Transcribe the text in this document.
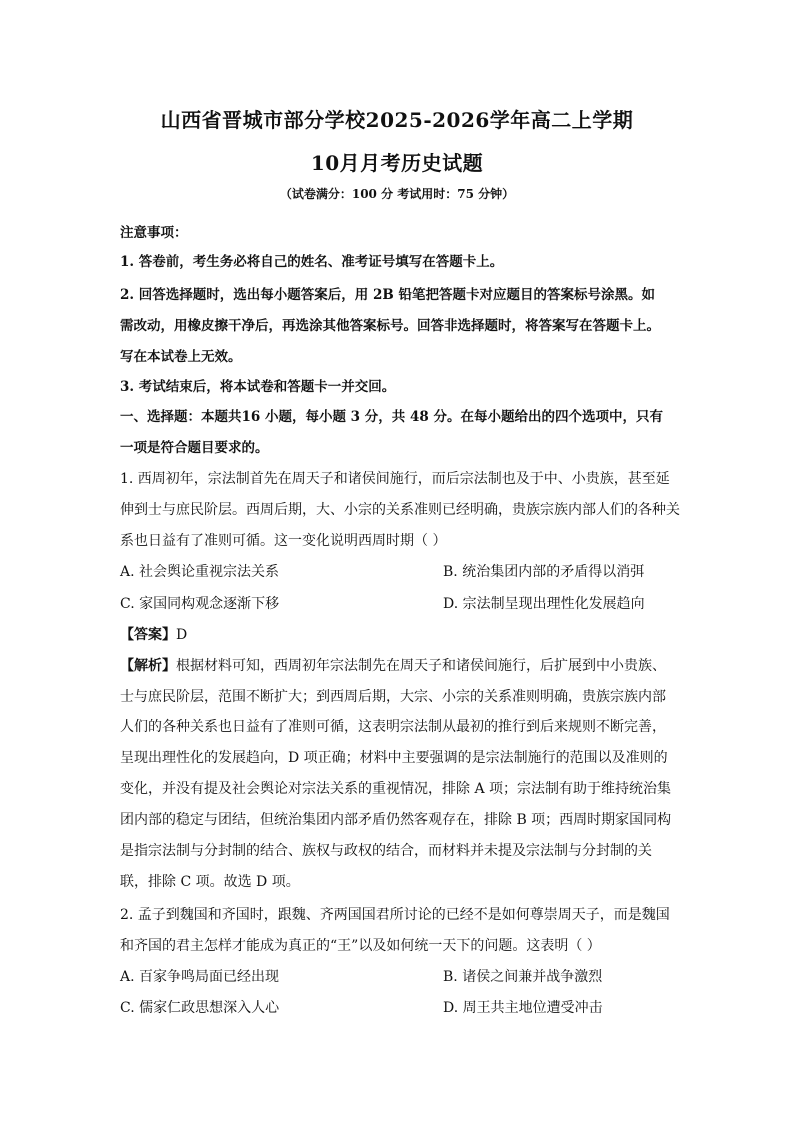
山西省晋城市部分学校2025-2026学年高二上学期
10月月考历史试题
（试卷满分：100 分 考试用时：75 分钟）
注意事项：
1. 答卷前，考生务必将自己的姓名、准考证号填写在答题卡上。
2. 回答选择题时，选出每小题答案后，用 2B 铅笔把答题卡对应题目的答案标号涂黑。如
需改动，用橡皮擦干净后，再选涂其他答案标号。回答非选择题时，将答案写在答题卡上。
写在本试卷上无效。
3. 考试结束后，将本试卷和答题卡一并交回。
一、选择题：本题共16 小题，每小题 3 分，共 48 分。在每小题给出的四个选项中，只有
一项是符合题目要求的。
1. 西周初年，宗法制首先在周天子和诸侯间施行，而后宗法制也及于中、小贵族，甚至延
伸到士与庶民阶层。西周后期，大、小宗的关系准则已经明确，贵族宗族内部人们的各种关
系也日益有了准则可循。这一变化说明西周时期（ ）
A. 社会舆论重视宗法关系	B. 统治集团内部的矛盾得以消弭
C. 家国同构观念逐渐下移	D. 宗法制呈现出理性化发展趋向
【答案】D
【解析】根据材料可知，西周初年宗法制先在周天子和诸侯间施行，后扩展到中小贵族、
士与庶民阶层，范围不断扩大；到西周后期，大宗、小宗的关系准则明确，贵族宗族内部
人们的各种关系也日益有了准则可循，这表明宗法制从最初的推行到后来规则不断完善，
呈现出理性化的发展趋向，D 项正确；材料中主要强调的是宗法制施行的范围以及准则的
变化，并没有提及社会舆论对宗法关系的重视情况，排除 A 项；宗法制有助于维持统治集
团内部的稳定与团结，但统治集团内部矛盾仍然客观存在，排除 B 项；西周时期家国同构
是指宗法制与分封制的结合、族权与政权的结合，而材料并未提及宗法制与分封制的关
联，排除 C 项。故选 D 项。
2. 孟子到魏国和齐国时，跟魏、齐两国国君所讨论的已经不是如何尊崇周天子，而是魏国
和齐国的君主怎样才能成为真正的“王”以及如何统一天下的问题。这表明（ ）
A. 百家争鸣局面已经出现	B. 诸侯之间兼并战争激烈
C. 儒家仁政思想深入人心	D. 周王共主地位遭受冲击
